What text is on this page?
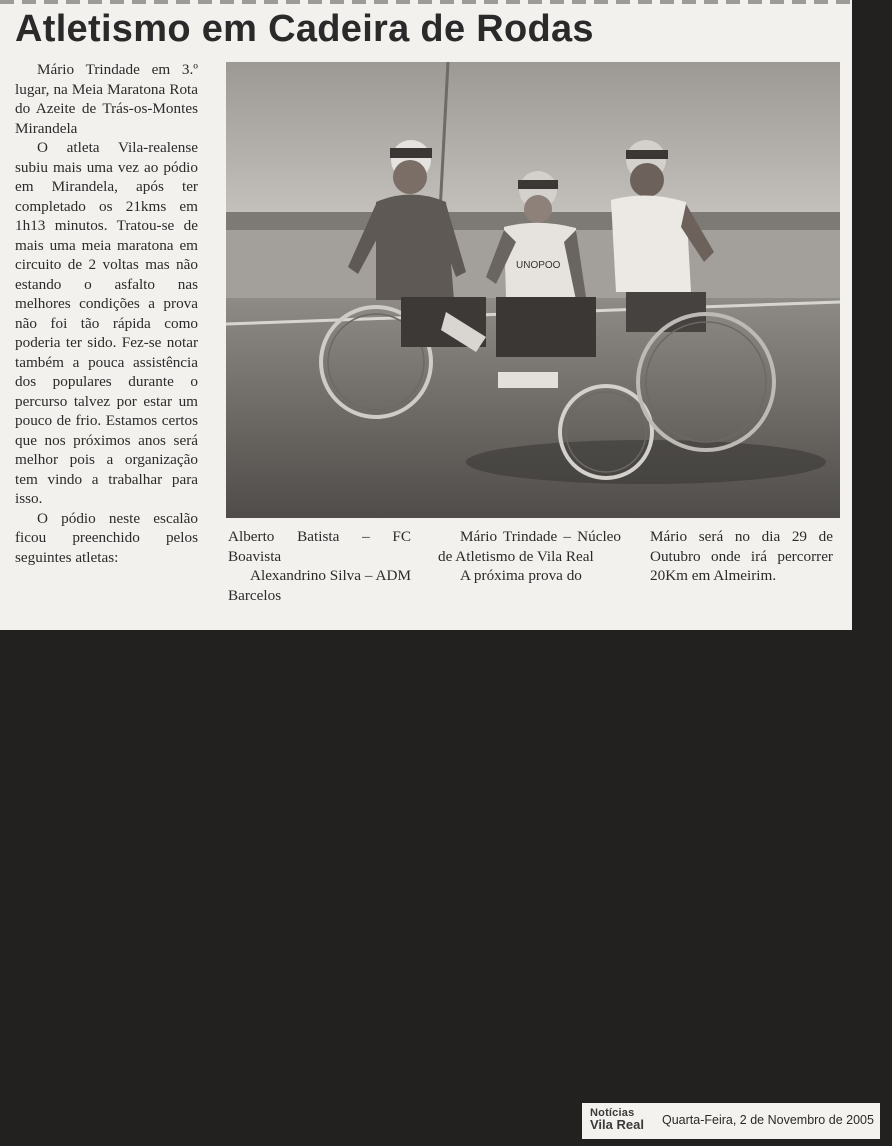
Atletismo em Cadeira de Rodas

Mário Trindade em 3.º lugar, na Meia Maratona Rota do Azeite de Trás-os-Montes Mirandela

O atleta Vila-realense subiu mais uma vez ao pódio em Mirandela, após ter completado os 21kms em 1h13 minutos. Tratou-se de mais uma meia maratona em circuito de 2 voltas mas não estando o asfalto nas melhores condições a prova não foi tão rápida como poderia ter sido. Fez-se notar também a pouca assistência dos populares durante o percurso talvez por estar um pouco de frio. Estamos certos que nos próximos anos será melhor pois a organização tem vindo a trabalhar para isso.

O pódio neste escalão ficou preenchido pelos seguintes atletas:

UNOPOO

Alberto Batista – FC Boavista

Alexandrino Silva – ADM Barcelos

Mário Trindade – Núcleo de Atletismo de Vila Real

A próxima prova do

Mário será no dia 29 de Outubro onde irá percorrer 20Km em Almeirim.

Notícias
Vila Real	Quarta-Feira, 2 de Novembro de 2005
